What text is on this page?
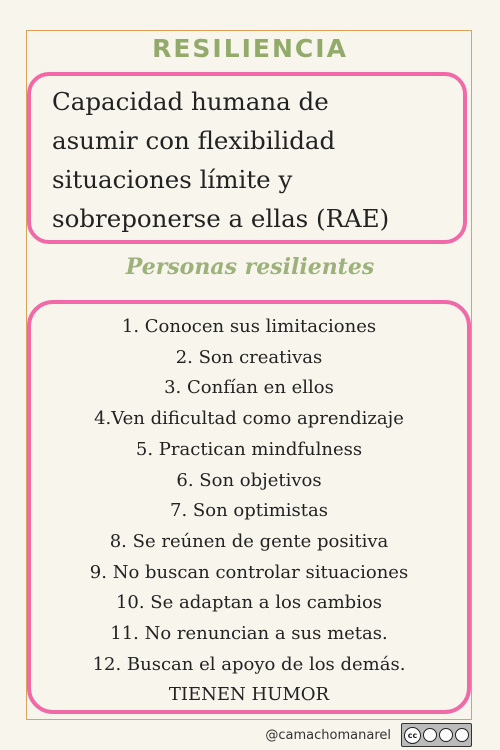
RESILIENCIA
Capacidad humana de
asumir con flexibilidad
situaciones límite y
sobreponerse a ellas (RAE)
Personas resilientes
1. Conocen sus limitaciones
2. Son creativas
3. Confían en ellos
4.Ven dificultad como aprendizaje
5. Practican mindfulness
6. Son objetivos
7. Son optimistas
8. Se reúnen de gente positiva
9. No buscan controlar situaciones
10. Se adaptan a los cambios
11. No renuncian a sus metas.
12. Buscan el apoyo de los demás.
TIENEN HUMOR
@camachomanarel	cc
